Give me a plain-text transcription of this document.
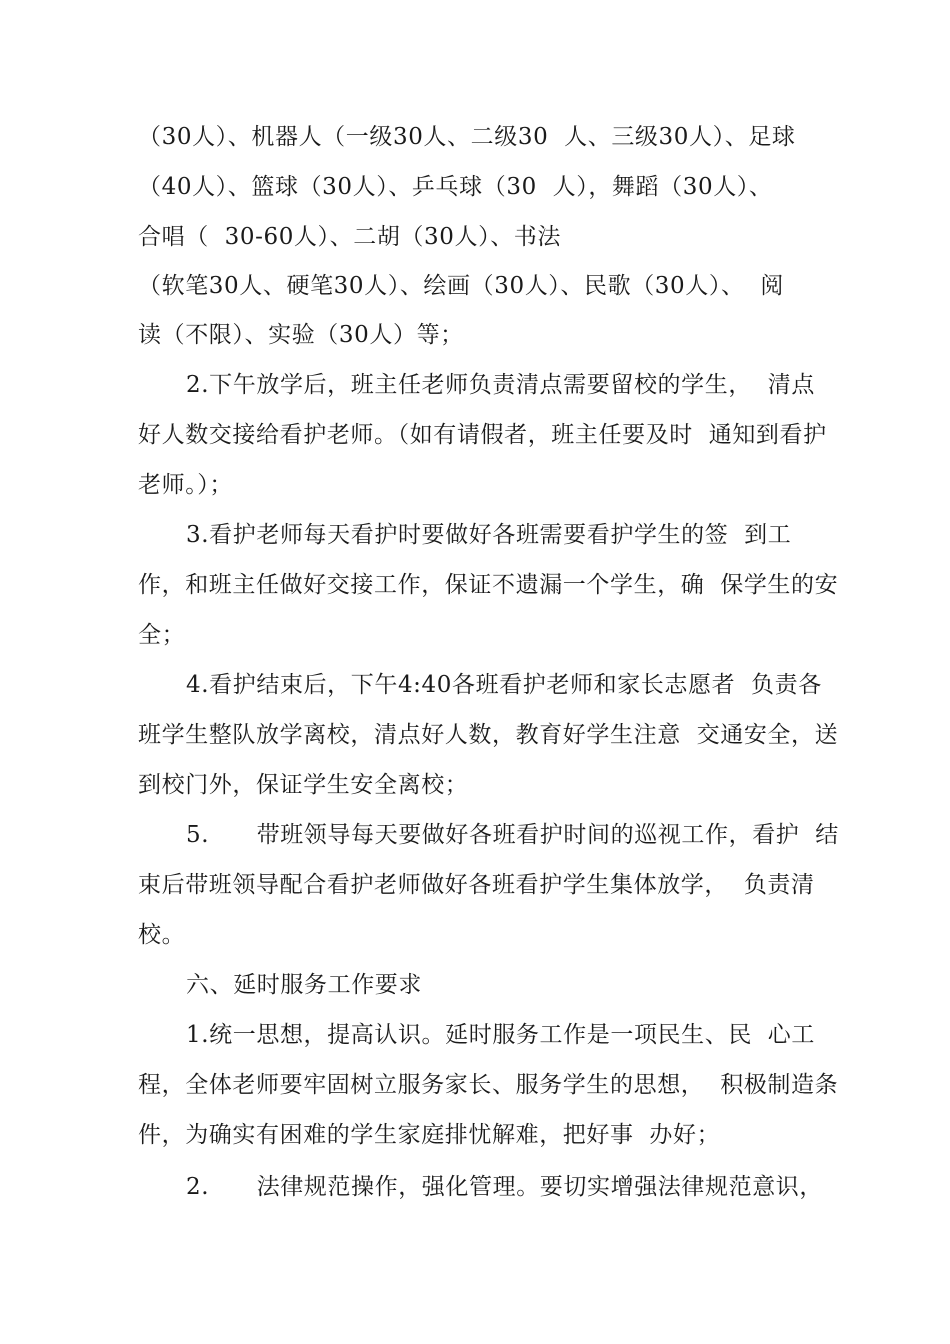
（30人）、机器人（一级30人、二级30  人、三级30人）、足球
（40人）、篮球（30人）、乒乓球（30  人），舞蹈（30人）、
合唱（  30-60人）、二胡（30人）、书法
（软笔30人、硬笔30人）、绘画（30人）、民歌（30人）、  阅
读（不限）、实验（30人）等；
2.下午放学后，班主任老师负责清点需要留校的学生，  清点
好人数交接给看护老师。（如有请假者，班主任要及时  通知到看护
老师。）；
3.看护老师每天看护时要做好各班需要看护学生的签  到工
作，和班主任做好交接工作，保证不遗漏一个学生，确  保学生的安
全；
4.看护结束后，下午4:40各班看护老师和家长志愿者  负责各
班学生整队放学离校，清点好人数，教育好学生注意  交通安全，送
到校门外，保证学生安全离校；
5.      带班领导每天要做好各班看护时间的巡视工作，看护  结
束后带班领导配合看护老师做好各班看护学生集体放学，  负责清
校。
六、延时服务工作要求
1.统一思想，提高认识。延时服务工作是一项民生、民  心工
程，全体老师要牢固树立服务家长、服务学生的思想，  积极制造条
件，为确实有困难的学生家庭排忧解难，把好事  办好；
2.      法律规范操作，强化管理。要切实增强法律规范意识，
